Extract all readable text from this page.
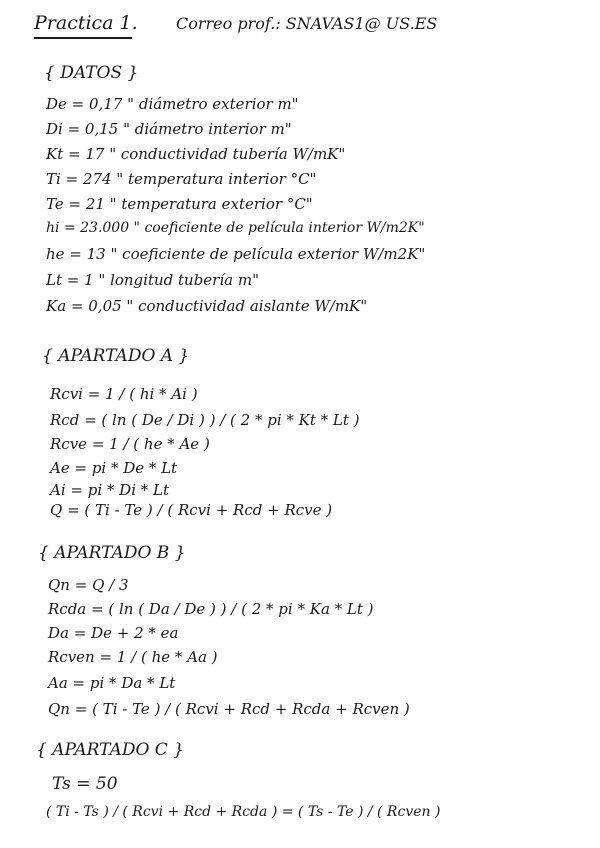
Practica 1. Correo prof.: SNAVAS1@ US.ES
{ DATOS }
De = 0,17 " diámetro exterior m"
Di = 0,15 " diámetro interior m"
Kt = 17 " conductividad tubería W/mK"
Ti = 274 " temperatura interior °C"
Te = 21 " temperatura exterior °C"
hi = 23.000 " coeficiente de película interior W/m2K"
he = 13 " coeficiente de película exterior W/m2K"
Lt = 1 " longitud tubería m"
Ka = 0,05 " conductividad aislante W/mK"
{ APARTADO A }
Rcvi = 1 / ( hi * Ai )
Rcd = ( ln ( De / Di ) ) / ( 2 * pi * Kt * Lt )
Rcve = 1 / ( he * Ae )
Ae = pi * De * Lt
Ai = pi * Di * Lt
Q = ( Ti - Te ) / ( Rcvi + Rcd + Rcve )
{ APARTADO B }
Qn = Q / 3
Rcda = ( ln ( Da / De ) ) / ( 2 * pi * Ka * Lt )
Da = De + 2 * ea
Rcven = 1 / ( he * Aa )
Aa = pi * Da * Lt
Qn = ( Ti - Te ) / ( Rcvi + Rcd + Rcda + Rcven )
{ APARTADO C }
Ts = 50
( Ti - Ts ) / ( Rcvi + Rcd + Rcda ) = ( Ts - Te ) / ( Rcven )
